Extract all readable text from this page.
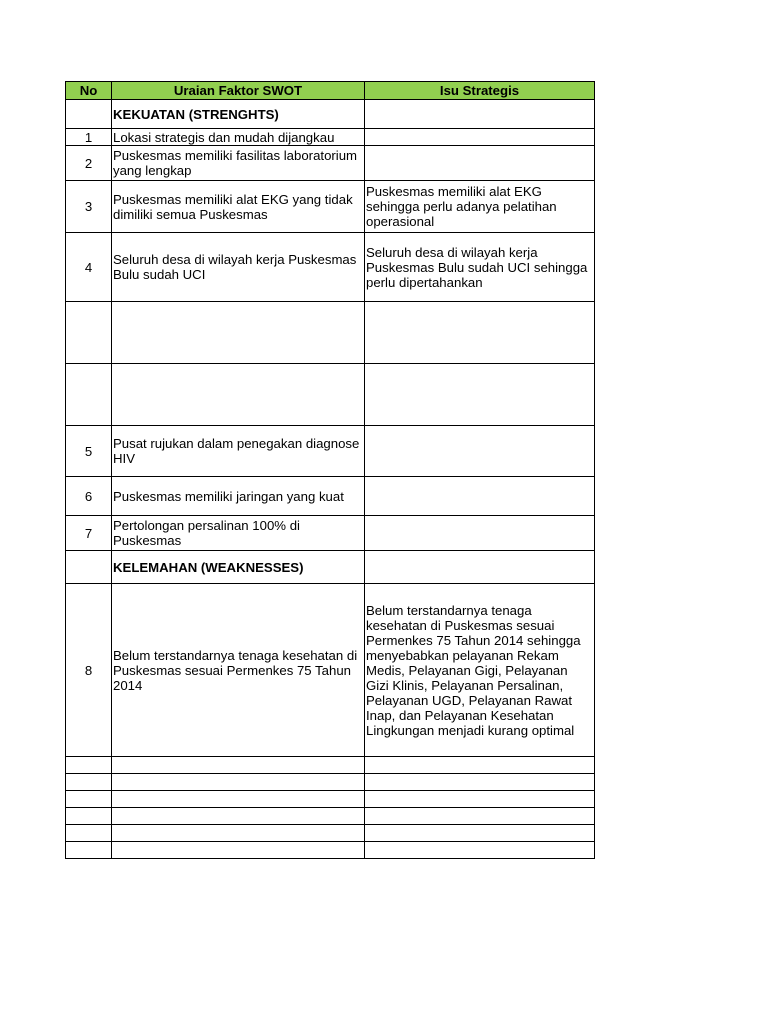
No	Uraian Faktor SWOT	Isu Strategis
	KEKUATAN (STRENGHTS)	
1	Lokasi strategis dan mudah dijangkau	
2	Puskesmas memiliki fasilitas laboratorium yang lengkap	
3	Puskesmas memiliki alat EKG yang tidak dimiliki semua Puskesmas	Puskesmas memiliki alat EKG sehingga perlu adanya pelatihan operasional
4	Seluruh desa di wilayah kerja Puskesmas Bulu sudah UCI	Seluruh desa di wilayah kerja Puskesmas Bulu sudah UCI sehingga perlu dipertahankan

5	Pusat rujukan dalam penegakan diagnose HIV	
6	Puskesmas memiliki jaringan yang kuat	
7	Pertolongan persalinan 100% di Puskesmas	
	KELEMAHAN (WEAKNESSES)	
8	Belum terstandarnya tenaga kesehatan di Puskesmas sesuai Permenkes 75 Tahun 2014	Belum terstandarnya tenaga kesehatan di Puskesmas sesuai Permenkes 75 Tahun 2014 sehingga menyebabkan pelayanan Rekam Medis, Pelayanan Gigi, Pelayanan Gizi Klinis, Pelayanan Persalinan, Pelayanan UGD, Pelayanan Rawat Inap, dan Pelayanan Kesehatan Lingkungan menjadi kurang optimal
